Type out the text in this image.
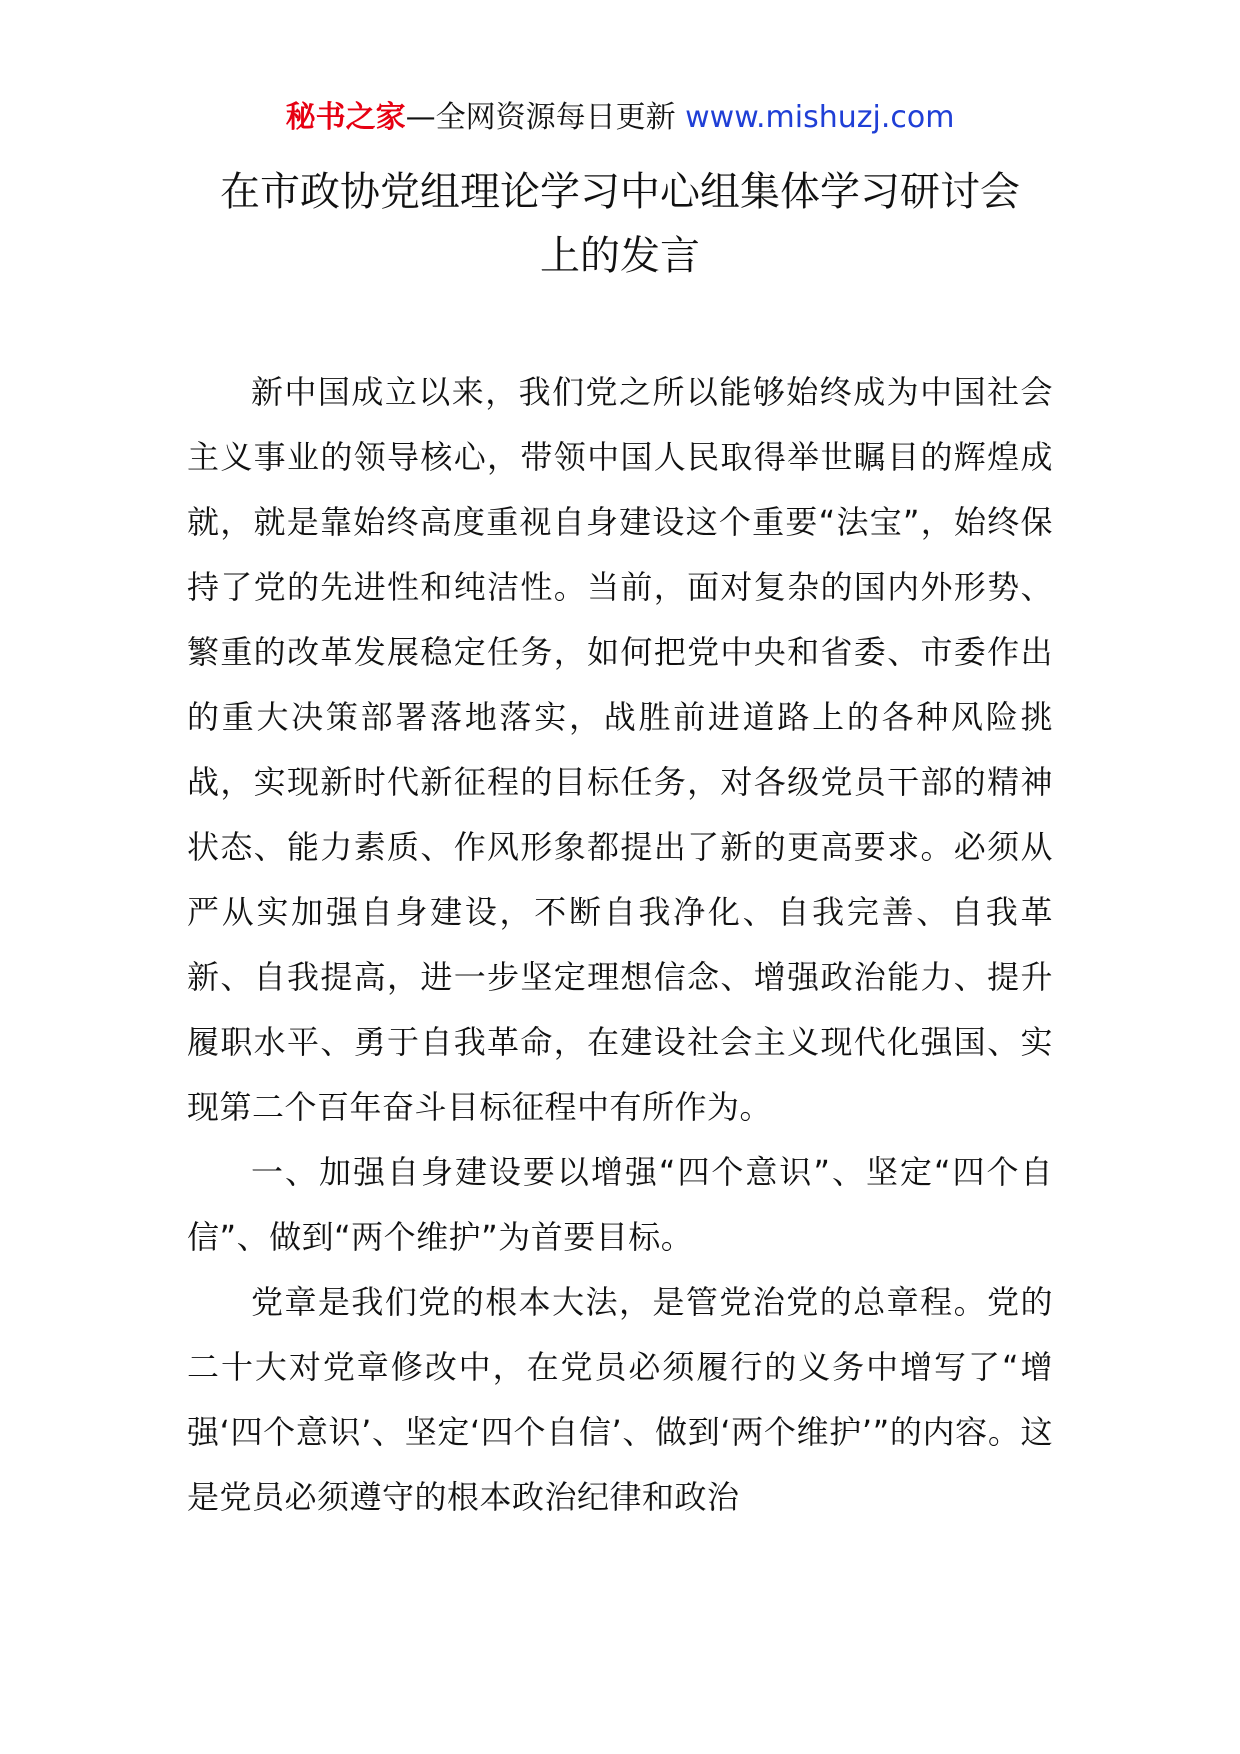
秘书之家—全网资源每日更新 www.mishuzj.com
在市政协党组理论学习中心组集体学习研讨会
上的发言

新中国成立以来，我们党之所以能够始终成为中国社会主义事业的领导核心，带领中国人民取得举世瞩目的辉煌成就，就是靠始终高度重视自身建设这个重要“法宝”，始终保持了党的先进性和纯洁性。当前，面对复杂的国内外形势、繁重的改革发展稳定任务，如何把党中央和省委、市委作出的重大决策部署落地落实，战胜前进道路上的各种风险挑战，实现新时代新征程的目标任务，对各级党员干部的精神状态、能力素质、作风形象都提出了新的更高要求。必须从严从实加强自身建设，不断自我净化、自我完善、自我革新、自我提高，进一步坚定理想信念、增强政治能力、提升履职水平、勇于自我革命，在建设社会主义现代化强国、实现第二个百年奋斗目标征程中有所作为。

一、加强自身建设要以增强“四个意识”、坚定“四个自信”、做到“两个维护”为首要目标。

党章是我们党的根本大法，是管党治党的总章程。党的二十大对党章修改中，在党员必须履行的义务中增写了“增强‘四个意识’、坚定‘四个自信’、做到‘两个维护’”的内容。这是党员必须遵守的根本政治纪律和政治
